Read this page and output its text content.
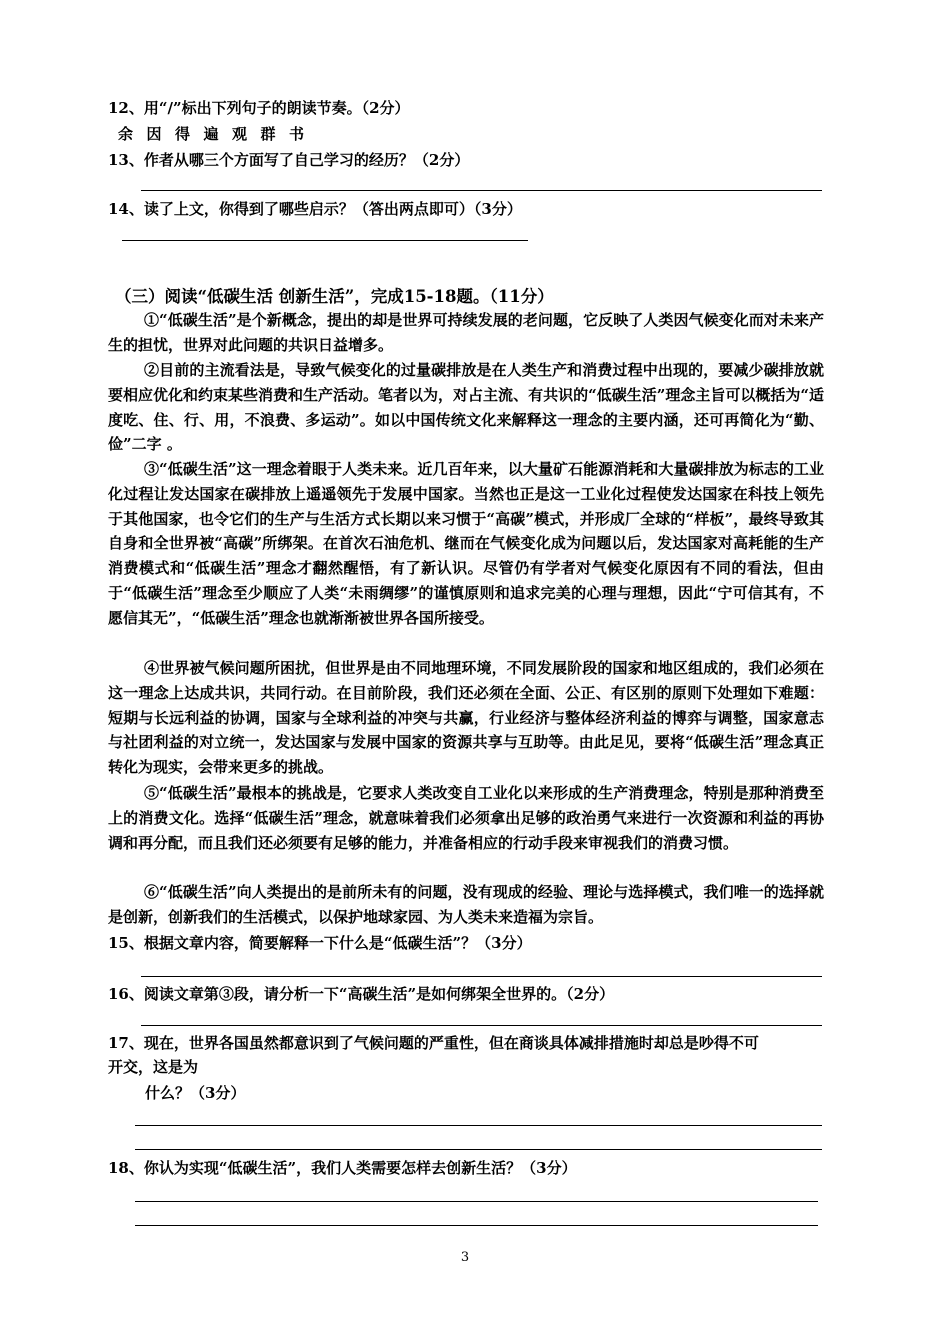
12、用“/”标出下列句子的朗读节奏。（2分）
余 因 得 遍 观 群 书
13、作者从哪三个方面写了自己学习的经历？（2分）
14、读了上文，你得到了哪些启示？（答出两点即可）（3分）
（三）阅读“低碳生活 创新生活”，完成15-18题。（11分）

①“低碳生活”是个新概念，提出的却是世界可持续发展的老问题，它反映了人类因气候变化而对未来产生的担忧，世界对此问题的共识日益增多。

②目前的主流看法是，导致气候变化的过量碳排放是在人类生产和消费过程中出现的，要减少碳排放就要相应优化和约束某些消费和生产活动。笔者以为，对占主流、有共识的“低碳生活”理念主旨可以概括为“适 度吃、住、行、用，不浪费、多运动”。如以中国传统文化来解释这一理念的主要内涵，还可再简化为“勤、俭”二字 。

③“低碳生活”这一理念着眼于人类未来。近几百年来，以大量矿石能源消耗和大量碳排放为标志的工业化过程让发达国家在碳排放上遥遥领先于发展中国家。当然也正是这一工业化过程使发达国家在科技上领先于其他国家，也令它们的生产与生活方式长期以来习惯于“高碳”模式，并形成厂全球的“样板”，最终导致其自身和全世界被“高碳”所绑架。在首次石油危机、继而在气候变化成为问题以后，发达国家对高耗能的生产消费模式和“低碳生活”理念才翻然醒悟，有了新认识。尽管仍有学者对气候变化原因有不同的看法，但由于“低碳生活”理念至少顺应了人类“未雨绸缪”的谨慎原则和追求完美的心理与理想，因此“宁可信其有，不愿信其无”，“低碳生活”理念也就渐渐被世界各国所接受。

④世界被气候问题所困扰，但世界是由不同地理环境，不同发展阶段的国家和地区组成的，我们必须在这一理念上达成共识，共同行动。在目前阶段，我们还必须在全面、公正、有区别的原则下处理如下难题：短期与长远利益的协调，国家与全球利益的冲突与共赢，行业经济与整体经济利益的博弈与调整，国家意志与社团利益的对立统一，发达国家与发展中国家的资源共享与互助等。由此足见，要将“低碳生活”理念真正转化为现实，会带来更多的挑战。

⑤“低碳生活”最根本的挑战是，它要求人类改变自工业化以来形成的生产消费理念，特别是那种消费至上的消费文化。选择“低碳生活”理念，就意味着我们必须拿出足够的政治勇气来进行一次资源和利益的再协调和再分配，而且我们还必须要有足够的能力，并准备相应的行动手段来审视我们的消费习惯。

⑥“低碳生活”向人类提出的是前所未有的问题，没有现成的经验、理论与选择模式，我们唯一的选择就是创新，创新我们的生活模式，以保护地球家园、为人类未来造福为宗旨。

15、根据文章内容，简要解释一下什么是“低碳生活”？（3分）
16、阅读文章第③段，请分析一下“高碳生活”是如何绑架全世界的。（2分）
17、现在，世界各国虽然都意识到了气候问题的严重性，但在商谈具体减排措施时却总是吵得不可
开交，这是为
什么？（3分）
18、你认为实现“低碳生活”，我们人类需要怎样去创新生活？（3分）
3
